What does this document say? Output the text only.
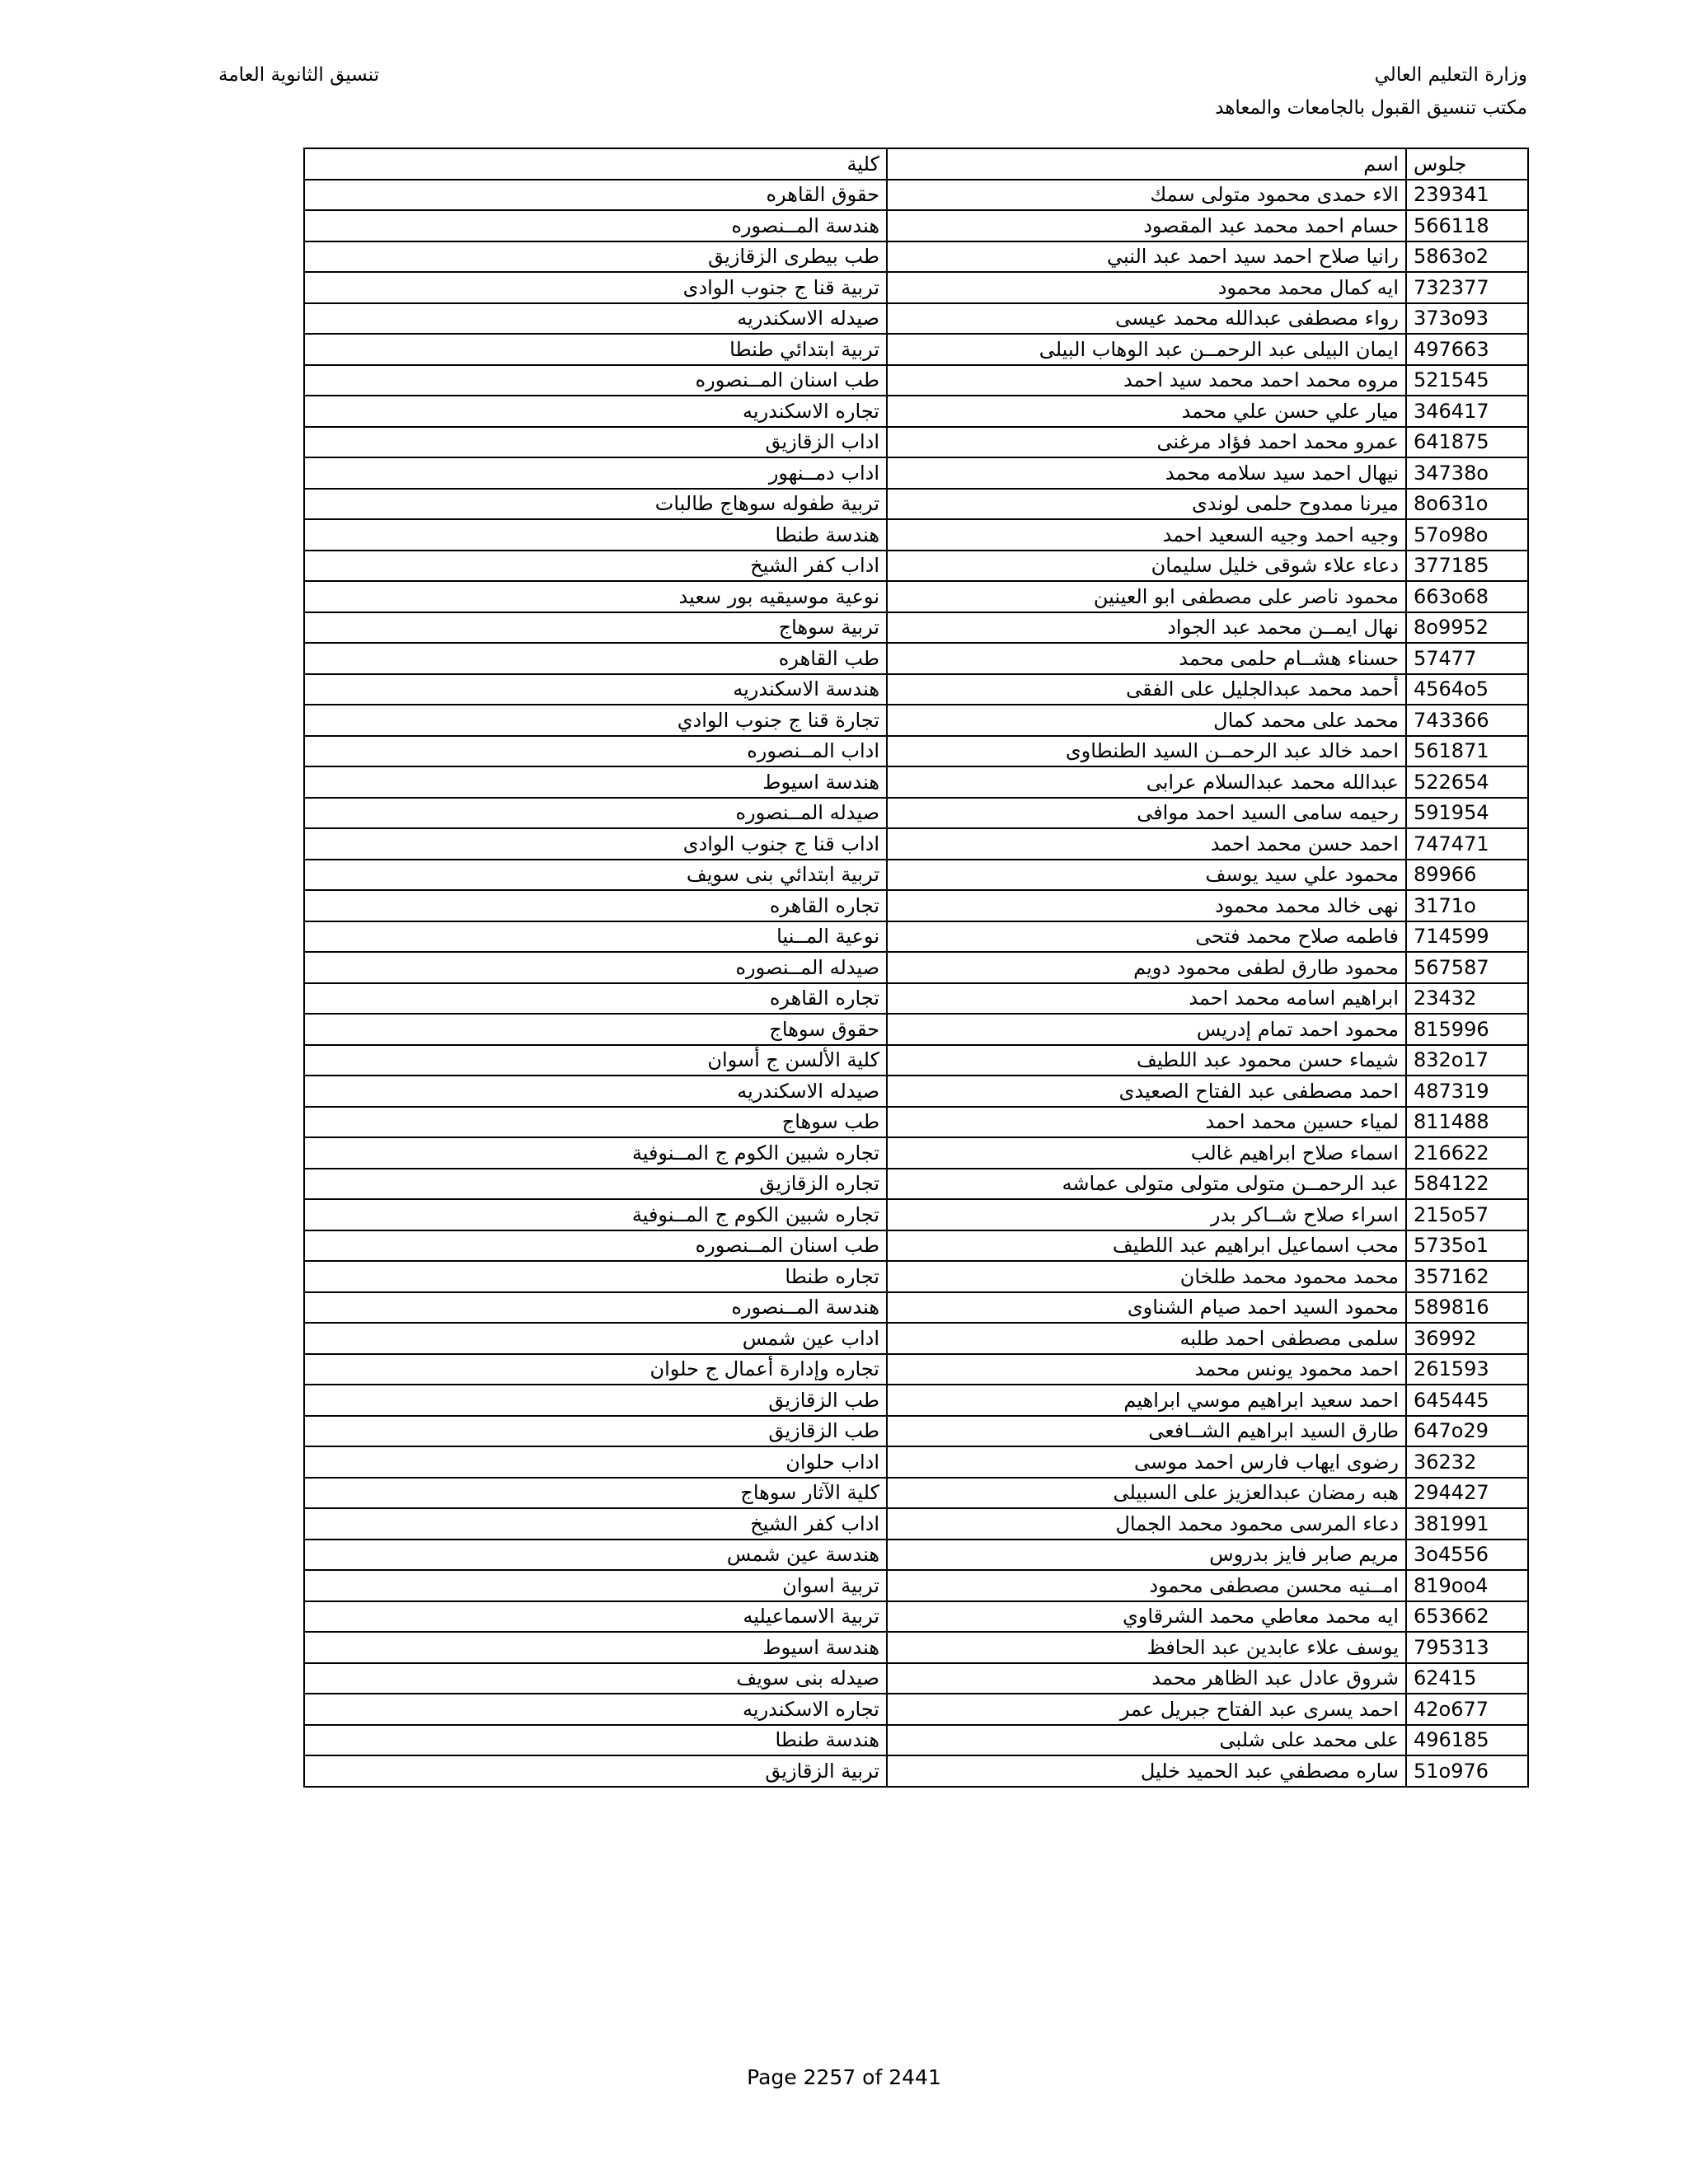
وزارة التعليم العالي
مكتب تنسيق القبول بالجامعات والمعاهد
تنسيق الثانوية العامة
كلية	اسم	جلوس
حقوق القاهره	الاء حمدى محمود متولى سمك	239341
هندسة المــنصوره	حسام احمد محمد عبد المقصود	566118
طب بيطرى الزقازيق	رانيا صلاح احمد سيد احمد عبد النبي	5863o2
تربية قنا ج جنوب الوادى	ايه كمال محمد محمود	732377
صيدله الاسكندريه	رواء مصطفى عبدالله محمد عيسى	373o93
تربية ابتدائي طنطا	ايمان البيلى عبد الرحمــن عبد الوهاب البيلى	497663
طب اسنان المــنصوره	مروه محمد احمد محمد سيد احمد	521545
تجاره الاسكندريه	ميار علي حسن علي محمد	346417
اداب الزقازيق	عمرو محمد احمد فؤاد مرغنى	641875
اداب دمــنهور	نيهال احمد سيد سلامه محمد	34738o
تربية طفوله سوهاج طالبات	ميرنا ممدوح حلمى لوندى	8o631o
هندسة طنطا	وجيه احمد وجيه السعيد احمد	57o98o
اداب كفر الشيخ	دعاء علاء شوقى خليل سليمان	377185
نوعية موسيقيه بور سعيد	محمود ناصر على مصطفى ابو العينين	663o68
تربية سوهاج	نهال ايمــن محمد عبد الجواد	8o9952
طب القاهره	حسناء هشــام حلمى محمد	57477
هندسة الاسكندريه	أحمد محمد عبدالجليل على الفقى	4564o5
تجارة قنا ج جنوب الوادي	محمد على محمد كمال	743366
اداب المــنصوره	احمد خالد عبد الرحمــن السيد الطنطاوى	561871
هندسة اسيوط	عبدالله محمد عبدالسلام عرابى	522654
صيدله المــنصوره	رحيمه سامى السيد احمد موافى	591954
اداب قنا ج جنوب الوادى	احمد حسن محمد احمد	747471
تربية ابتدائي بنى سويف	محمود علي سيد يوسف	89966
تجاره القاهره	نهى خالد محمد محمود	3171o
نوعية المــنيا	فاطمه صلاح محمد فتحى	714599
صيدله المــنصوره	محمود طارق لطفى محمود دويم	567587
تجاره القاهره	ابراهيم اسامه محمد احمد	23432
حقوق سوهاج	محمود احمد تمام إدريس	815996
كلية الألسن ج أسوان	شيماء حسن محمود عبد اللطيف	832o17
صيدله الاسكندريه	احمد مصطفى عبد الفتاح الصعيدى	487319
طب سوهاج	لمياء حسين محمد احمد	811488
تجاره شبين الكوم ج المــنوفية	اسماء صلاح ابراهيم غالب	216622
تجاره الزقازيق	عبد الرحمــن متولى متولى متولى عماشه	584122
تجاره شبين الكوم ج المــنوفية	اسراء صلاح شــاكر بدر	215o57
طب اسنان المــنصوره	محب اسماعيل ابراهيم عبد اللطيف	5735o1
تجاره طنطا	محمد محمود محمد طلخان	357162
هندسة المــنصوره	محمود السيد احمد صيام الشناوى	589816
اداب عين شمس	سلمى مصطفى احمد طلبه	36992
تجاره وإدارة أعمال ج حلوان	احمد محمود يونس محمد	261593
طب الزقازيق	احمد سعيد ابراهيم موسي ابراهيم	645445
طب الزقازيق	طارق السيد ابراهيم الشــافعى	647o29
اداب حلوان	رضوى ايهاب فارس احمد موسى	36232
كلية الآثار سوهاج	هبه رمضان عبدالعزيز على السبيلى	294427
اداب كفر الشيخ	دعاء المرسى محمود محمد الجمال	381991
هندسة عين شمس	مريم صابر فايز بدروس	3o4556
تربية اسوان	امــنيه محسن مصطفى محمود	819oo4
تربية الاسماعيليه	ايه محمد معاطي محمد الشرقاوي	653662
هندسة اسيوط	يوسف علاء عابدين عبد الحافظ	795313
صيدله بنى سويف	شروق عادل عبد الظاهر محمد	62415
تجاره الاسكندريه	احمد يسرى عبد الفتاح جبريل عمر	42o677
هندسة طنطا	على محمد على شلبى	496185
تربية الزقازيق	ساره مصطفي عبد الحميد خليل	51o976
Page 2257 of 2441
